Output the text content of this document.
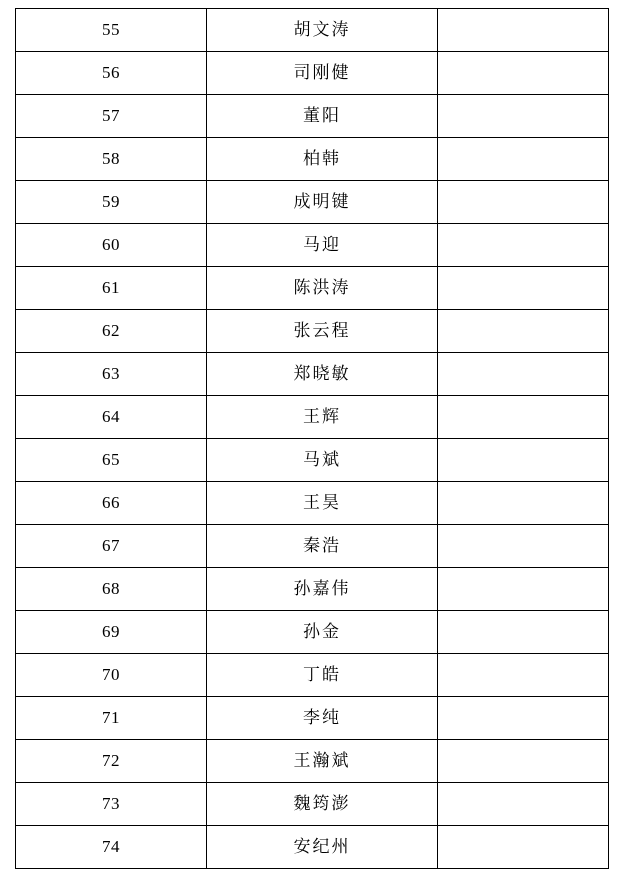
55	胡文涛	
56	司刚健	
57	董阳	
58	柏韩	
59	成明键	
60	马迎	
61	陈洪涛	
62	张云程	
63	郑晓敏	
64	王辉	
65	马斌	
66	王昊	
67	秦浩	
68	孙嘉伟	
69	孙金	
70	丁皓	
71	李纯	
72	王瀚斌	
73	魏筠澎	
74	安纪州	
